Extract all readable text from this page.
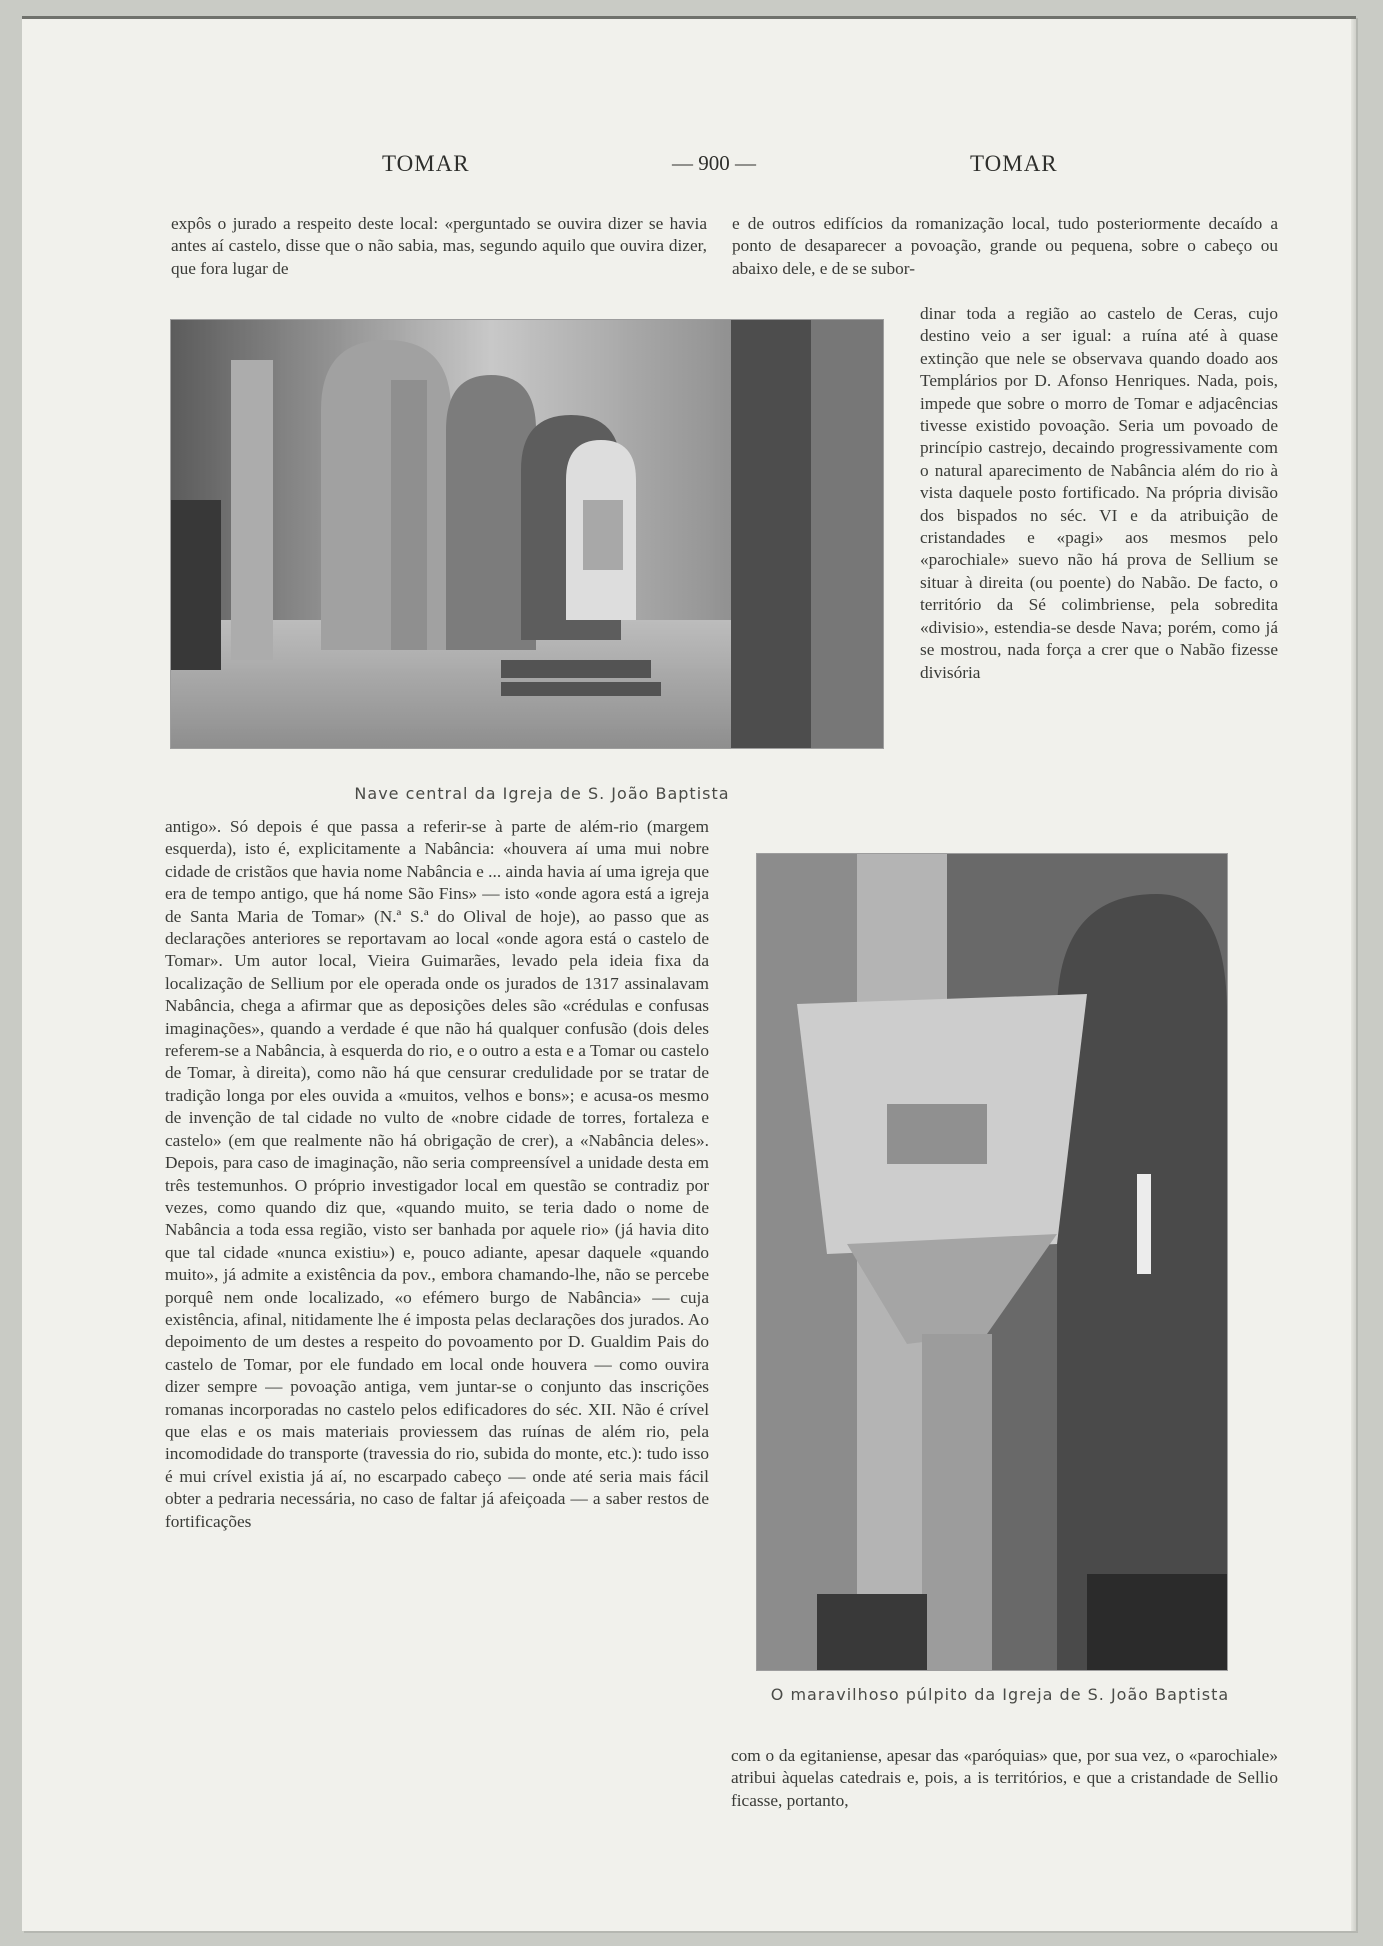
TOMAR	— 900 —	TOMAR
expôs o jurado a respeito deste local: «perguntado se ouvira dizer se havia antes aí castelo, disse que o não sabia, mas, segundo aquilo que ouvira dizer, que fora lugar de
e de outros edifícios da romanização local, tudo posteriormente decaído a ponto de desaparecer a povoação, grande ou pequena, sobre o cabeço ou abaixo dele, e de se subor-
dinar toda a região ao castelo de Ceras, cujo destino veio a ser igual: a ruína até à quase extinção que nele se observava quando doado aos Templários por D. Afonso Henriques. Nada, pois, impede que sobre o morro de Tomar e adjacências tivesse existido povoação. Seria um povoado de princípio castrejo, decaindo progressivamente com o natural aparecimento de Nabância além do rio à vista daquele posto fortificado. Na própria divisão dos bispados no séc. VI e da atribuição de cristandades e «pagi» aos mesmos pelo «parochiale» suevo não há prova de Sellium se situar à direita (ou poente) do Nabão. De facto, o território da Sé colimbriense, pela sobredita «divisio», estendia-se desde Nava; porém, como já se mostrou, nada força a crer que o Nabão fizesse divisória
Nave central da Igreja de S. João Baptista
antigo». Só depois é que passa a referir-se à parte de além-rio (margem esquerda), isto é, explicitamente a Nabância: «houvera aí uma mui nobre cidade de cristãos que havia nome Nabância e ... ainda havia aí uma igreja que era de tempo antigo, que há nome São Fins» — isto «onde agora está a igreja de Santa Maria de Tomar» (N.ª S.ª do Olival de hoje), ao passo que as declarações anteriores se reportavam ao local «onde agora está o castelo de Tomar». Um autor local, Vieira Guimarães, levado pela ideia fixa da localização de Sellium por ele operada onde os jurados de 1317 assinalavam Nabância, chega a afirmar que as deposições deles são «crédulas e confusas imaginações», quando a verdade é que não há qualquer confusão (dois deles referem-se a Nabância, à esquerda do rio, e o outro a esta e a Tomar ou castelo de Tomar, à direita), como não há que censurar credulidade por se tratar de tradição longa por eles ouvida a «muitos, velhos e bons»; e acusa-os mesmo de invenção de tal cidade no vulto de «nobre cidade de torres, fortaleza e castelo» (em que realmente não há obrigação de crer), a «Nabância deles». Depois, para caso de imaginação, não seria compreensível a unidade desta em três testemunhos. O próprio investigador local em questão se contradiz por vezes, como quando diz que, «quando muito, se teria dado o nome de Nabância a toda essa região, visto ser banhada por aquele rio» (já havia dito que tal cidade «nunca existiu») e, pouco adiante, apesar daquele «quando muito», já admite a existência da pov., embora chamando-lhe, não se percebe porquê nem onde localizado, «o efémero burgo de Nabância» — cuja existência, afinal, nitidamente lhe é imposta pelas declarações dos jurados. Ao depoimento de um destes a respeito do povoamento por D. Gualdim Pais do castelo de Tomar, por ele fundado em local onde houvera — como ouvira dizer sempre — povoação antiga, vem juntar-se o conjunto das inscrições romanas incorporadas no castelo pelos edificadores do séc. XII. Não é crível que elas e os mais materiais proviessem das ruínas de além rio, pela incomodidade do transporte (travessia do rio, subida do monte, etc.): tudo isso é mui crível existia já aí, no escarpado cabeço — onde até seria mais fácil obter a pedraria necessária, no caso de faltar já afeiçoada — a saber restos de fortificações
O maravilhoso púlpito da Igreja de S. João Baptista
com o da egitaniense, apesar das «paróquias» que, por sua vez, o «parochiale» atribui àquelas catedrais e, pois, a is territórios, e que a cristandade de Sellio ficasse, portanto,
